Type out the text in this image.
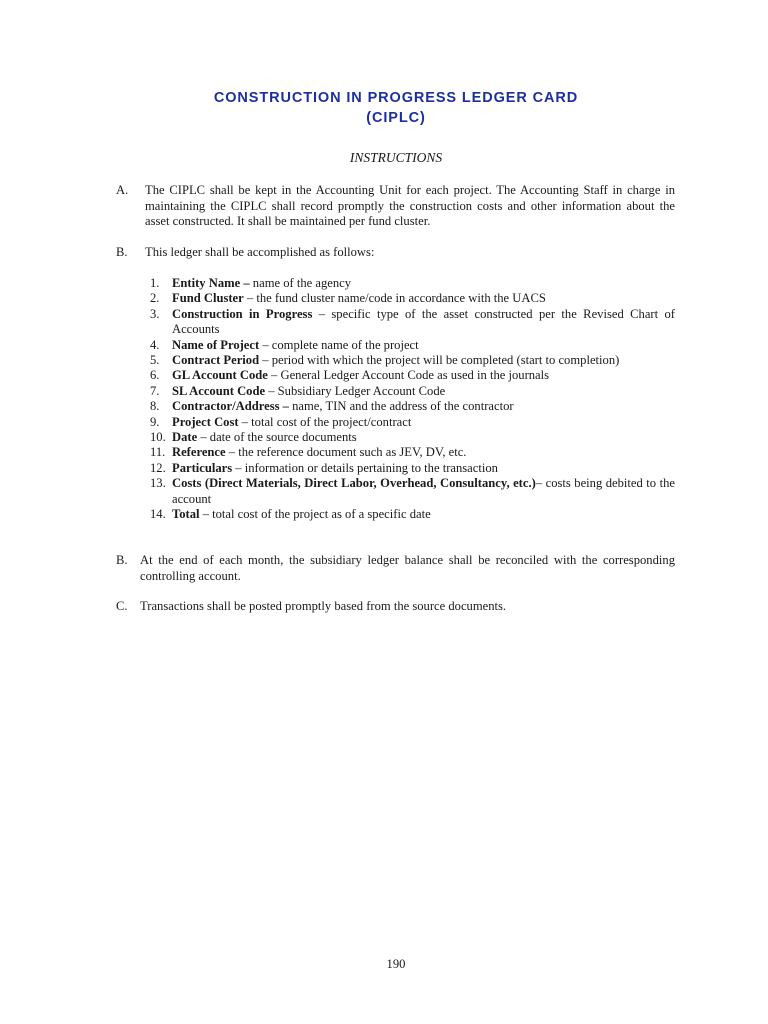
CONSTRUCTION IN PROGRESS LEDGER CARD
(CIPLC)
INSTRUCTIONS
A. The CIPLC shall be kept in the Accounting Unit for each project. The Accounting Staff in charge in maintaining the CIPLC shall record promptly the construction costs and other information about the asset constructed. It shall be maintained per fund cluster.
B. This ledger shall be accomplished as follows:
1. Entity Name – name of the agency
2. Fund Cluster – the fund cluster name/code in accordance with the UACS
3. Construction in Progress – specific type of the asset constructed per the Revised Chart of Accounts
4. Name of Project – complete name of the project
5. Contract Period – period with which the project will be completed (start to completion)
6. GL Account Code – General Ledger Account Code as used in the journals
7. SL Account Code – Subsidiary Ledger Account Code
8. Contractor/Address – name, TIN and the address of the contractor
9. Project Cost – total cost of the project/contract
10. Date – date of the source documents
11. Reference – the reference document such as JEV, DV, etc.
12. Particulars – information or details pertaining to the transaction
13. Costs (Direct Materials, Direct Labor, Overhead, Consultancy, etc.)– costs being debited to the account
14. Total – total cost of the project as of a specific date
B. At the end of each month, the subsidiary ledger balance shall be reconciled with the corresponding controlling account.
C. Transactions shall be posted promptly based from the source documents.
190
